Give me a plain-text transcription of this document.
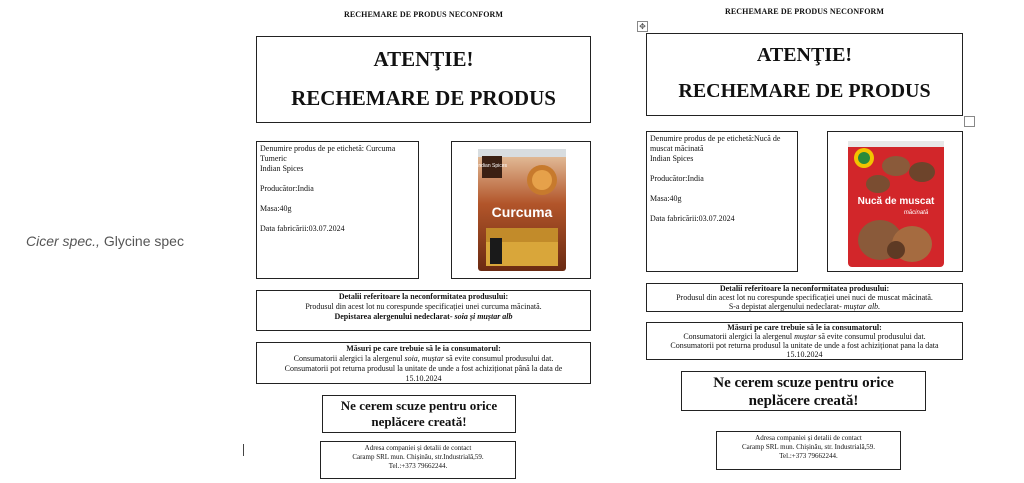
Cicer spec., Glycine spec
RECHEMARE DE PRODUS NECONFORM
ATENŢIE!
RECHEMARE DE PRODUS
Denumire produs de pe etichetă: Curcuma
Tumeric
Indian Spices
Producător:India
Masa:40g
Data fabricării:03.07.2024
Indian Spices
Curcuma
Detalii referitoare la neconformitatea produsului:
Produsul din acest lot nu corespunde specificației unei curcuma măcinată.
Depistarea alergenului nedeclarat- soia și muștar alb
Măsuri pe care trebuie să le ia consumatorul:
Consumatorii alergici la alergenul soia, muștar să evite consumul produsului dat.
Consumatorii pot returna produsul la unitate de unde a fost achiziționat până la data de
15.10.2024
Ne cerem scuze pentru orice
neplăcere creată!
Adresa companiei și detalii de contact
Caramp SRL mun. Chișinău, str.Industrială,59.
Tel.:+373 79662244.
✥
RECHEMARE DE PRODUS NECONFORM
ATENŢIE!
RECHEMARE DE PRODUS
Denumire produs de pe etichetă:Nucă de
muscat măcinată
Indian Spices
Producător:India
Masa:40g
Data fabricării:03.07.2024
Nucă de muscat
măcinată
Detalii referitoare la neconformitatea produsului:
Produsul din acest lot nu corespunde specificației unei nuci de muscat măcinată.
S-a depistat alergenului nedeclarat- muștar alb.
Măsuri pe care trebuie să le ia consumatorul:
Consumatorii alergici la alergenul muștar să evite consumul produsului dat.
Consumatorii pot returna produsul la unitate de unde a fost achiziționat pana la data
15.10.2024
Ne cerem scuze pentru orice
neplăcere creată!
Adresa companiei și detalii de contact
Caramp SRL mun. Chișinău, str. Industrială,59.
Tel.:+373 79662244.
